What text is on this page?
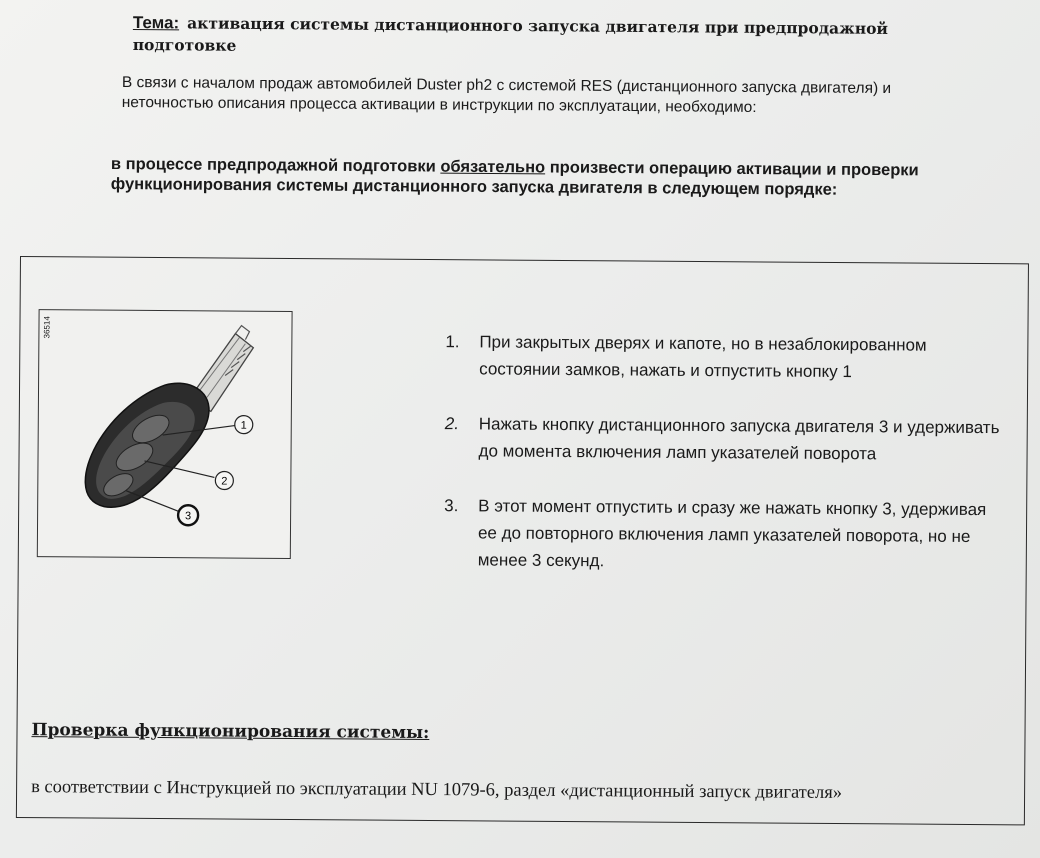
Тема: активация системы дистанционного запуска двигателя при предпродажной подготовке
В связи с началом продаж автомобилей Duster ph2 с системой RES (дистанционного запуска двигателя) и неточностью описания процесса активации в инструкции по эксплуатации, необходимо:
в процессе предпродажной подготовки обязательно произвести операцию активации и проверки функционирования системы дистанционного запуска двигателя в следующем порядке:
36514
1
2
3
1. При закрытых дверях и капоте, но в незаблокированном состоянии замков, нажать и отпустить кнопку 1
2. Нажать кнопку дистанционного запуска двигателя 3 и удерживать до момента включения ламп указателей поворота
3. В этот момент отпустить и сразу же нажать кнопку 3, удерживая ее до повторного включения ламп указателей поворота, но не менее 3 секунд.
Проверка функционирования системы:
в соответствии с Инструкцией по эксплуатации NU 1079-6, раздел «дистанционный запуск двигателя»
